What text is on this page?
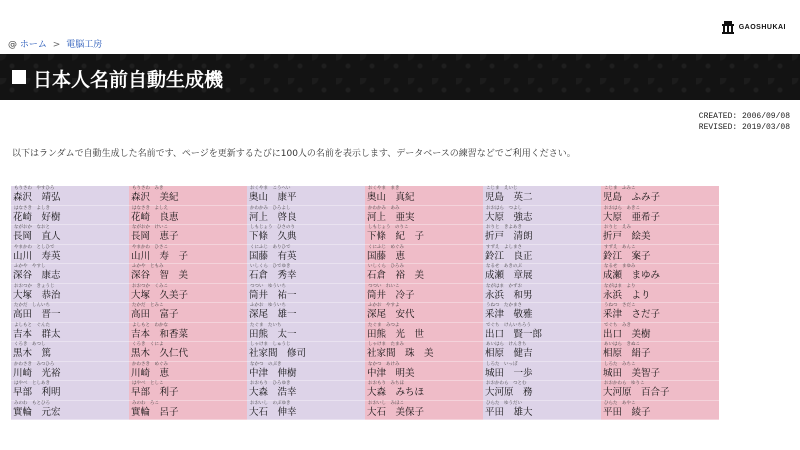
GAOSHUKAI
@ ホーム > 電脳工房
日本人名前自動生成機
CREATED: 2006/09/08
REVISED: 2019/03/08
以下はランダムで自動生成した名前です、ページを更新するたびに100人の名前を表示します、データベースの練習などでご利用ください。
もりさわ　やすひろ
森沢　靖弘
もりさわ　みき
森沢　美紀
おくやま　こうへい
奥山　康平
おくやま　まき
奥山　真紀
こじま　えいじ
児島　英二
こじま　ふみこ
児島　ふみ子
はなさき　よしき
花崎　好樹
はなさき　よしえ
花崎　良恵
かわかみ　ひろよし
河上　啓良
かわかみ　あみ
河上　亜実
おおはら　つよし
大原　強志
おおはら　あきこ
大原　亜希子
ながおか　なおと
長岡　直人
ながおか　けいこ
長岡　恵子
しもじょう　ひさのり
下條　久典
しもじょう　のりこ
下條　紀　子
おりと　きよあき
折戸　清朗
おりと　えみ
折戸　絵美
やまかわ　としひで
山川　寿英
やまかわ　ひさこ
山川　寿　子
くにふじ　ありひで
国藤　有英
くにふじ　めぐみ
国藤　恵
すずえ　よしまさ
鈴江　良正
すずえ　あんこ
鈴江　案子
ふかや　やすし
深谷　康志
ふかや　ともみ
深谷　智　美
いしくら　ひでゆき
石倉　秀幸
いしくら　ひろみ
石倉　裕　美
なるせ　あきのぶ
成瀬　章展
なるせ　まゆみ
成瀬　まゆみ
おおつか　きょうじ
大塚　恭治
おおつか　くみこ
大塚　久美子
つつい　ゆういち
筒井　祐一
つつい　れいこ
筒井　冷子
ながはま　かずお
永浜　和男
ながはま　より
永浜　より
たかだ　しんいち
高田　晋一
たかだ　とみこ
高田　富子
ふかお　ゆういち
深尾　雄一
ふかお　やすよ
深尾　安代
うねつ　たかまさ
釆津　敬雅
うねつ　さだこ
釆津　さだ子
よしもと　ぐんた
吉本　群太
よしもと　わかな
吉本　和香菜
たぐま　たいち
田熊　太一
たぐま　みつよ
田熊　光　世
でぐち　けんいちろう
出口　賢一郎
でぐち　みき
出口　美樹
くろき　あつし
黒木　篤
くろき　くによ
黒木　久仁代
しゃけま　しゅうじ
社家間　修司
しゃけま　たまみ
社家間　珠　美
あいはら　けんきち
相原　健吉
あいはら　きぬこ
相原　絹子
かわさき　みつひろ
川崎　光裕
かわさき　めぐみ
川崎　恵
なかつ　のぶき
中津　伸樹
なかつ　あけみ
中津　明美
しろた　いっぽ
城田　一歩
しろた　みちこ
城田　美智子
はやべ　としあき
早部　利明
はやべ　としこ
早部　利子
おおもり　ひろゆき
大森　浩幸
おおもり　みちほ
大森　みちほ
おおかわら　つとむ
大河原　務
おおかわら　ゆりこ
大河原　百合子
みのわ　もとひろ
實輪　元宏
みのわ　ろこ
實輪　呂子
おおいし　のぶゆき
大石　伸幸
おおいし　みほこ
大石　美保子
ひらた　ゆうだい
平田　雄大
ひらた　あやこ
平田　綾子
